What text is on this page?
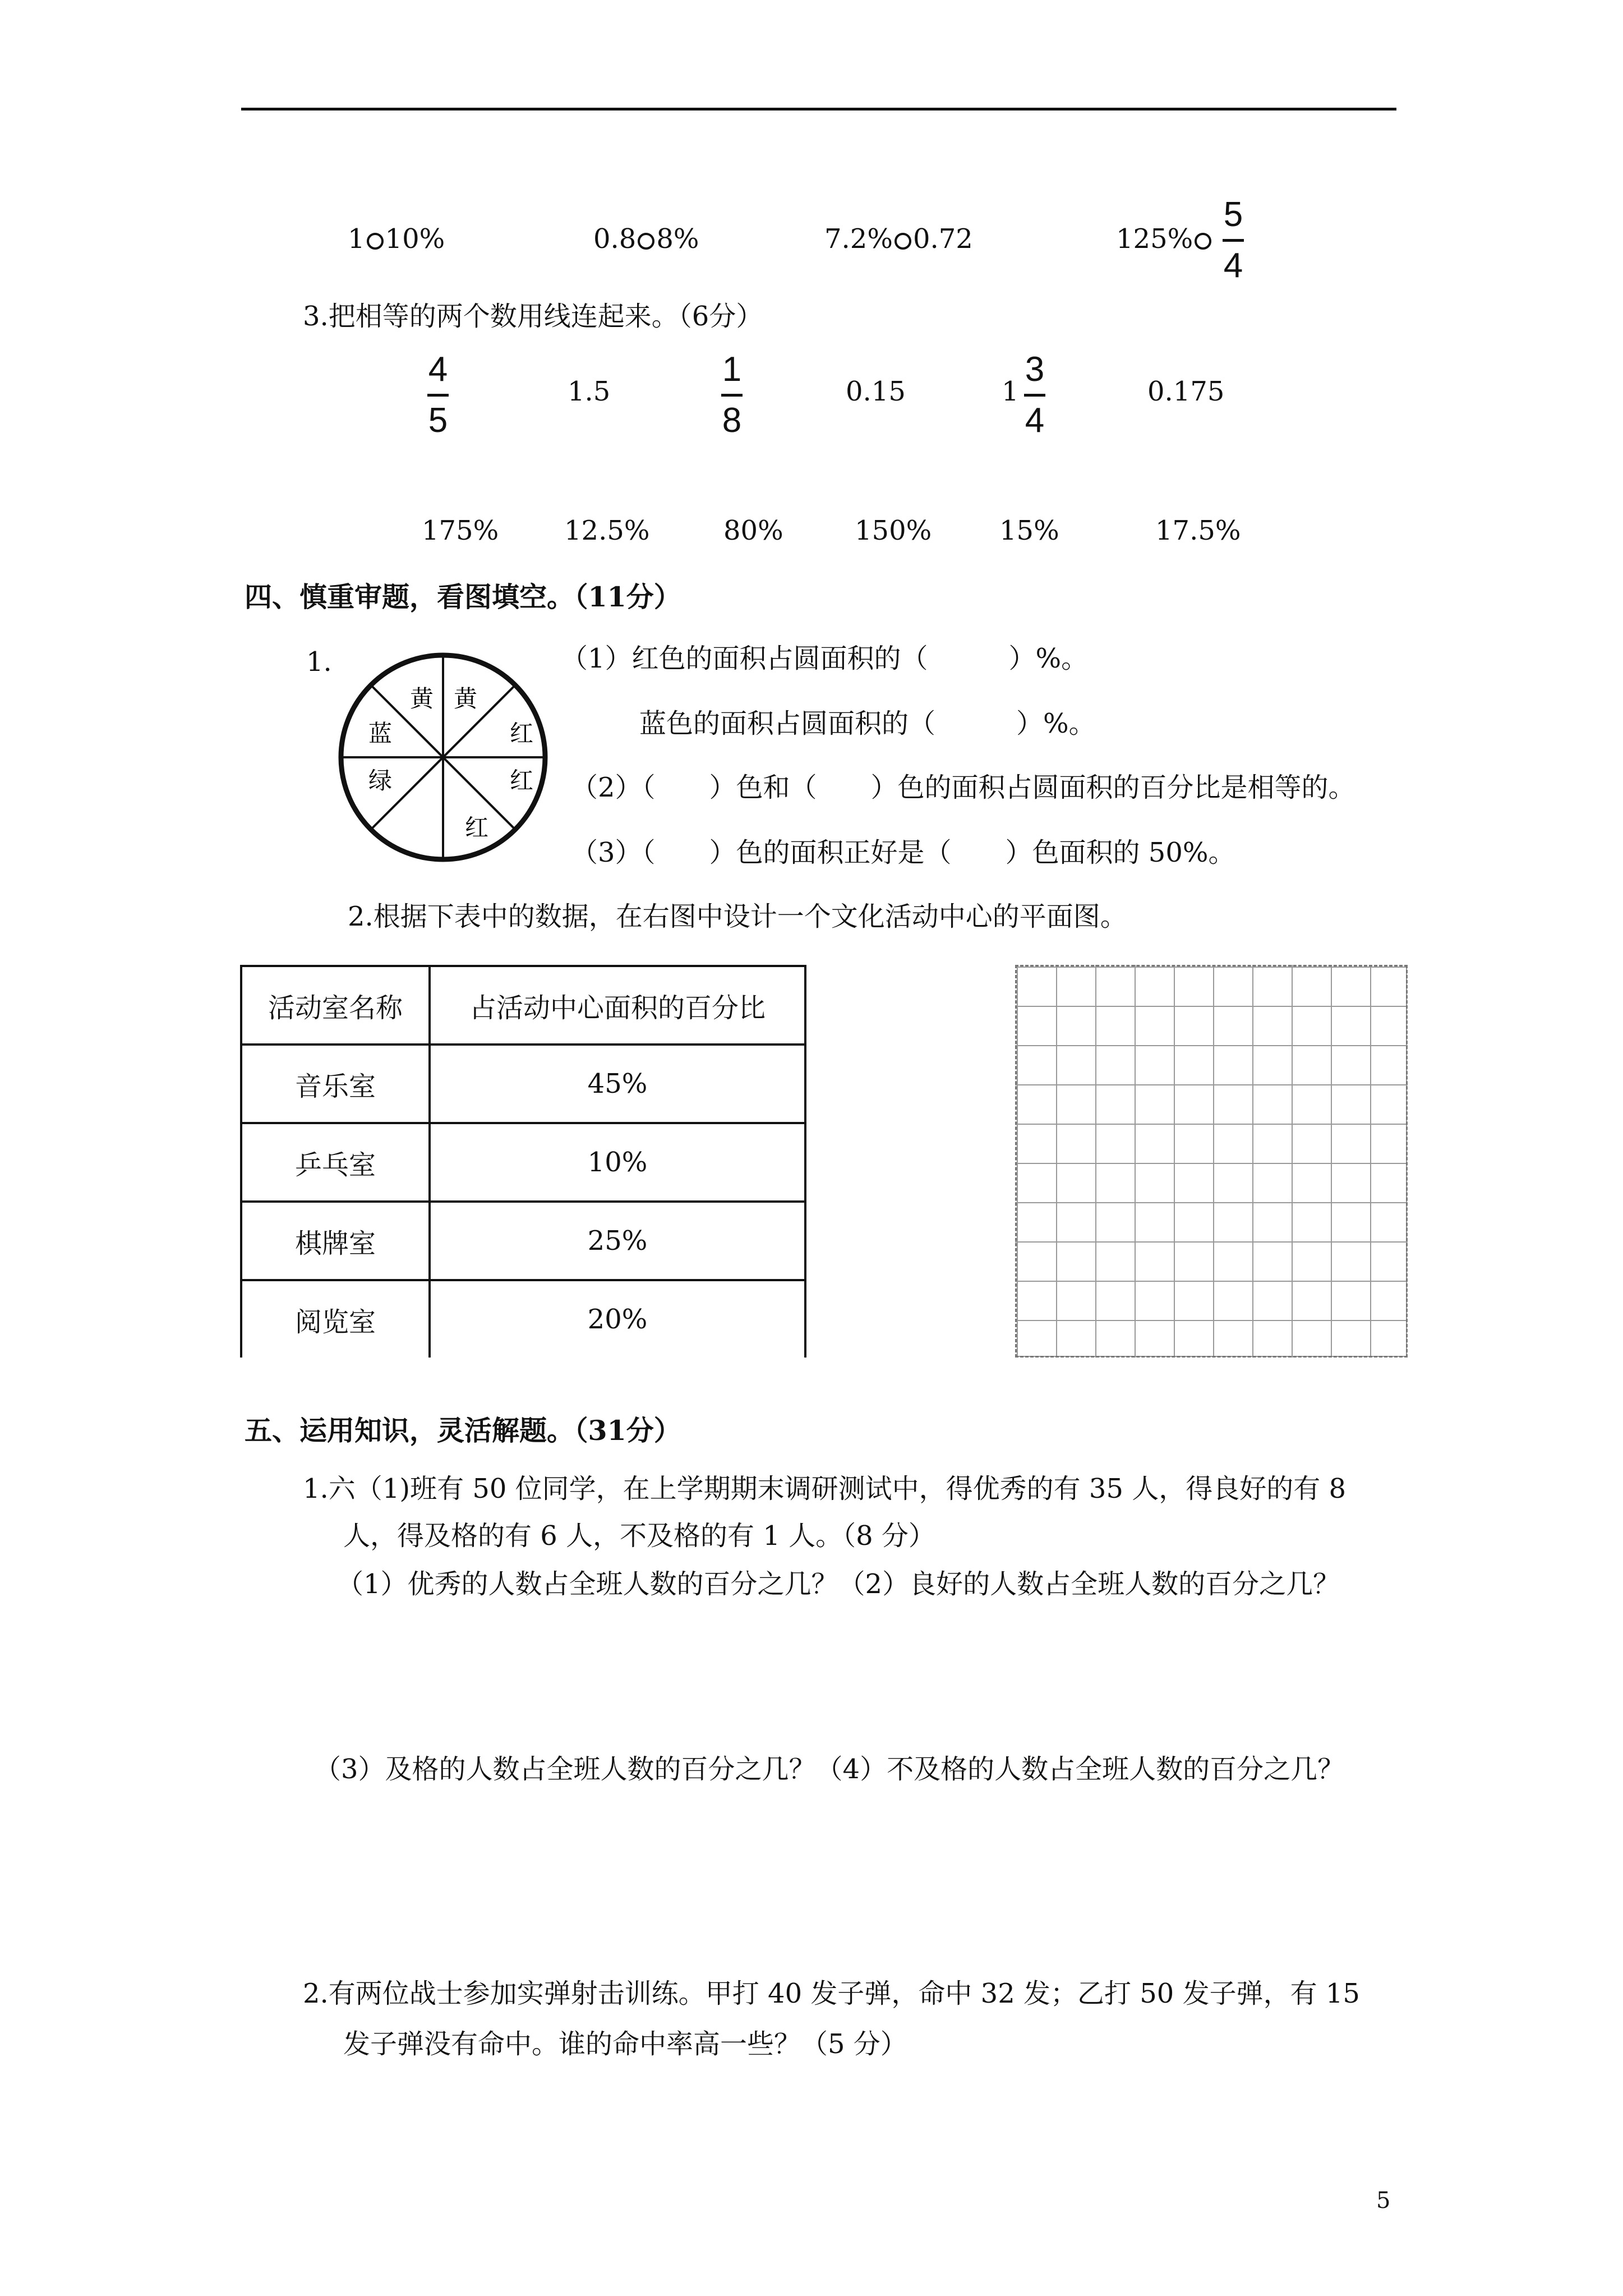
1 10%	0.8 8%	7.2% 0.72	125%
5
4
3.把相等的两个数用线连起来。（6分）
4
5
1.5
1
8
0.15	1
3
4
0.175
175% 12.5%	80%	150%	15%	17.5%
四、慎重审题，看图填空。（11分）
1.
黄 黄
红
红
红
绿
蓝
（1）红色的面积占圆面积的（　　　）%。
蓝色的面积占圆面积的（　　　）%。
（2）（　　）色和（　　）色的面积占圆面积的百分比是相等的。
（3）（　　）色的面积正好是（　　）色面积的 50%。
2.根据下表中的数据，在右图中设计一个文化活动中心的平面图。
活动室名称	占活动中心面积的百分比
音乐室	45%
乒乓室	10%
棋牌室	25%
阅览室	20%
五、运用知识，灵活解题。（31分）
1.六（1)班有 50 位同学，在上学期期末调研测试中，得优秀的有 35 人，得良好的有 8
人，得及格的有 6 人，不及格的有 1 人。（8 分）
（1）优秀的人数占全班人数的百分之几？（2）良好的人数占全班人数的百分之几？
（3）及格的人数占全班人数的百分之几？（4）不及格的人数占全班人数的百分之几？
2.有两位战士参加实弹射击训练。甲打 40 发子弹，命中 32 发；乙打 50 发子弹，有 15
发子弹没有命中。谁的命中率高一些？（5 分）
5
